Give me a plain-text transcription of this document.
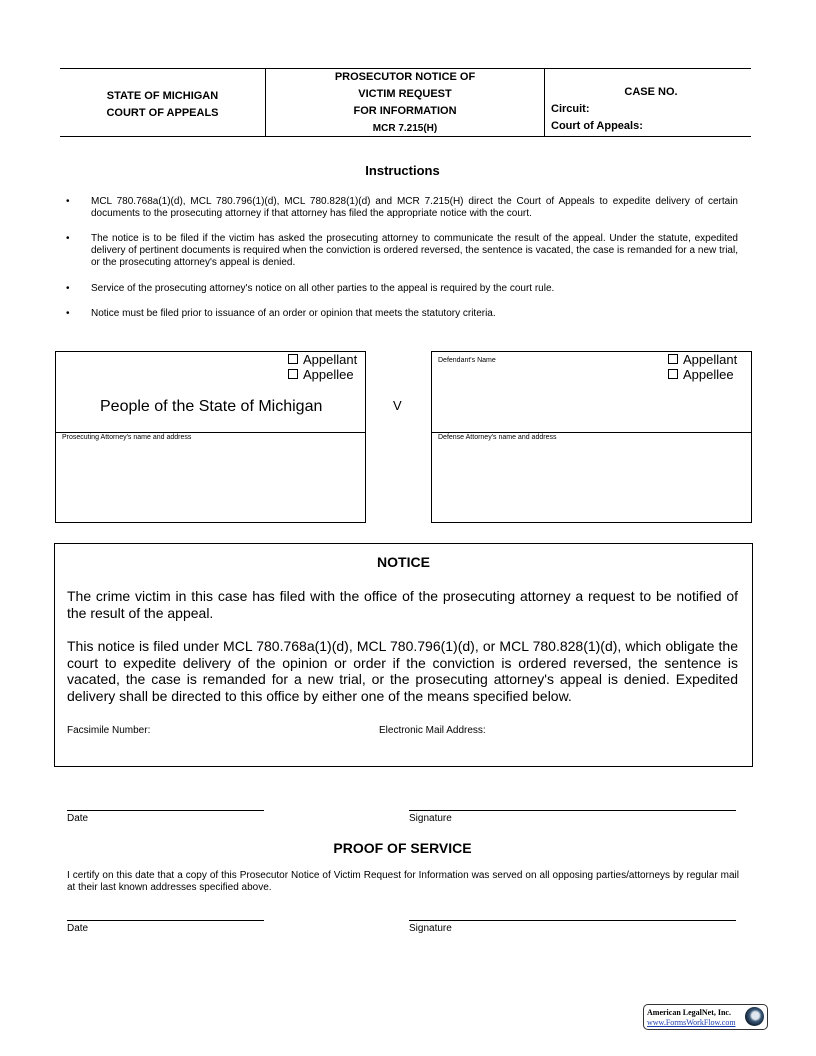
STATE OF MICHIGAN
COURT OF APPEALS
PROSECUTOR NOTICE OF
VICTIM REQUEST
FOR INFORMATION
MCR 7.215(H)
CASE NO.
Circuit:
Court of Appeals:
Instructions
•	MCL 780.768a(1)(d), MCL 780.796(1)(d), MCL 780.828(1)(d) and MCR 7.215(H) direct the Court of Appeals to expedite delivery of certain documents to the prosecuting attorney if that attorney has filed the appropriate notice with the court.
•	The notice is to be filed if the victim has asked the prosecuting attorney to communicate the result of the appeal. Under the statute, expedited delivery of pertinent documents is required when the conviction is ordered reversed, the sentence is vacated, the case is remanded for a new trial, or the prosecuting attorney's appeal is denied.
•	Service of the prosecuting attorney's notice on all other parties to the appeal is required by the court rule.
•	Notice must be filed prior to issuance of an order or opinion that meets the statutory criteria.
Appellant
Appellee
People of the State of Michigan
Prosecuting Attorney's name and address
V
Defendant's Name	Appellant
Appellee
Defense Attorney's name and address
NOTICE

The crime victim in this case has filed with the office of the prosecuting attorney a request to be notified of the result of the appeal.

This notice is filed under MCL 780.768a(1)(d), MCL 780.796(1)(d), or MCL 780.828(1)(d), which obligate the court to expedite delivery of the opinion or order if the conviction is ordered reversed, the sentence is vacated, the case is remanded for a new trial, or the prosecuting attorney's appeal is denied. Expedited delivery shall be directed to this office by either one of the means specified below.

Facsimile Number:	Electronic Mail Address:
Date	Signature
PROOF OF SERVICE
I certify on this date that a copy of this Prosecutor Notice of Victim Request for Information was served on all opposing parties/attorneys by regular mail at their last known addresses specified above.
Date	Signature
American LegalNet, Inc.
www.FormsWorkFlow.com
